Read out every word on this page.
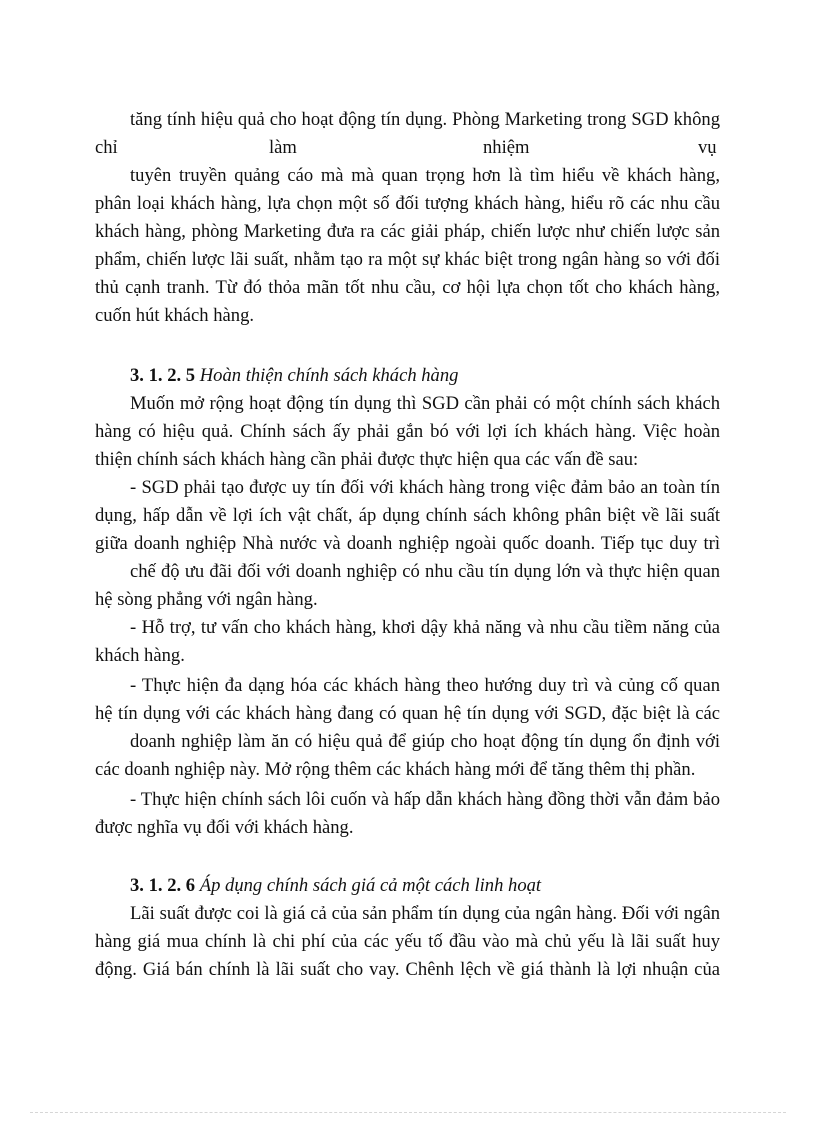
tăng tính hiệu quả cho hoạt động tín dụng. Phòng Marketing trong SGD không
chỉ	làm	nhiệm	vụ
tuyên truyền quảng cáo mà mà quan trọng hơn là tìm hiểu về khách hàng,
phân loại khách hàng, lựa chọn một số đối tượng khách hàng, hiểu rõ các nhu cầu
khách hàng, phòng Marketing đưa ra các giải pháp, chiến lược như chiến lược sản
phẩm, chiến lược lãi suất, nhằm tạo ra một sự khác biệt trong ngân hàng so với đối
thủ cạnh tranh. Từ đó thỏa mãn tốt nhu cầu, cơ hội lựa chọn tốt cho khách hàng,
cuốn hút khách hàng.
3. 1. 2. 5 Hoàn thiện chính sách khách hàng
Muốn mở rộng hoạt động tín dụng thì SGD cần phải có một chính sách khách
hàng có hiệu quả. Chính sách ấy phải gắn bó với lợi ích khách hàng. Việc hoàn
thiện chính sách khách hàng cần phải được thực hiện qua các vấn đề sau:
- SGD phải tạo được uy tín đối với khách hàng trong việc đảm bảo an toàn tín
dụng, hấp dẫn về lợi ích vật chất, áp dụng chính sách không phân biệt về lãi suất
giữa doanh nghiệp Nhà nước và doanh nghiệp ngoài quốc doanh. Tiếp tục duy trì
chế độ ưu đãi đối với doanh nghiệp có nhu cầu tín dụng lớn và thực hiện quan
hệ sòng phẳng với ngân hàng.
- Hỗ trợ, tư vấn cho khách hàng, khơi dậy khả năng và nhu cầu tiềm năng của
khách hàng.
- Thực hiện đa dạng hóa các khách hàng theo hướng duy trì và củng cố quan
hệ tín dụng với các khách hàng đang có quan hệ tín dụng với SGD, đặc biệt là các
doanh nghiệp làm ăn có hiệu quả để giúp cho hoạt động tín dụng ổn định với
các doanh nghiệp này. Mở rộng thêm các khách hàng mới để tăng thêm thị phần.
- Thực hiện chính sách lôi cuốn và hấp dẫn khách hàng đồng thời vẫn đảm bảo
được nghĩa vụ đối với khách hàng.
3. 1. 2. 6 Áp dụng chính sách giá cả một cách linh hoạt
Lãi suất được coi là giá cả của sản phẩm tín dụng của ngân hàng. Đối với ngân
hàng giá mua chính là chi phí của các yếu tố đầu vào mà chủ yếu là lãi suất huy
động. Giá bán chính là lãi suất cho vay. Chênh lệch về giá thành là lợi nhuận của
